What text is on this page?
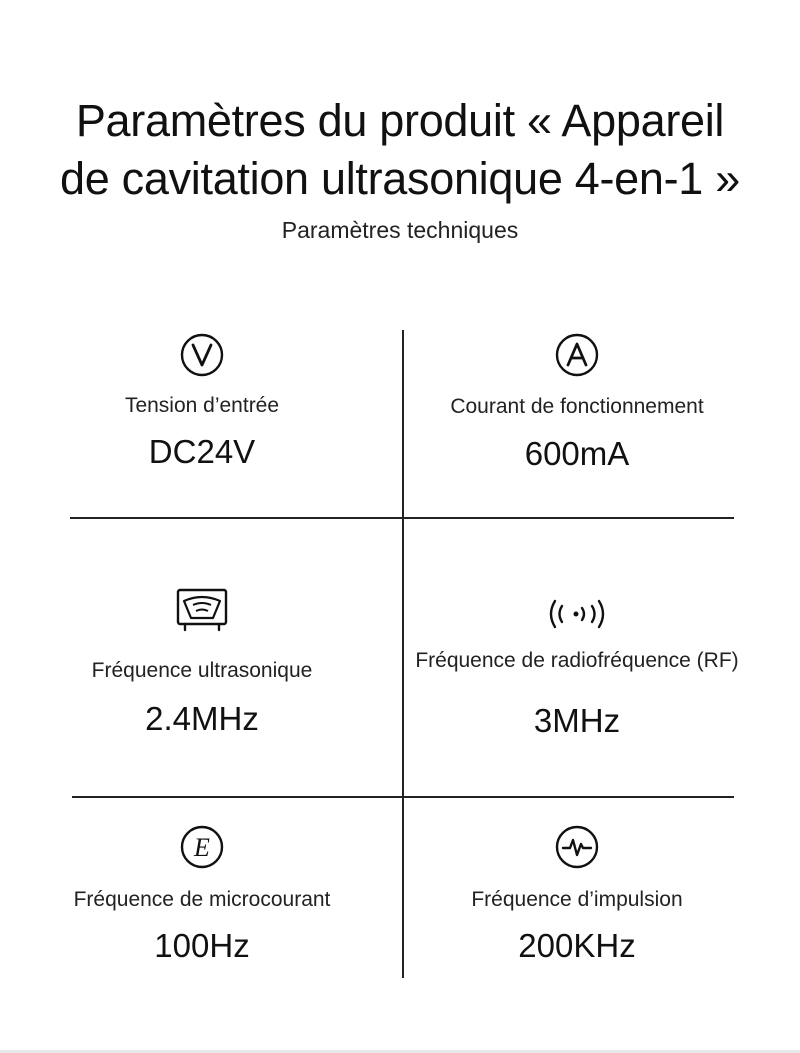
Paramètres du produit « Appareil
de cavitation ultrasonique 4-en-1 »
Paramètres techniques
Tension d’entrée
DC24V
Courant de fonctionnement
600mA
Fréquence ultrasonique
2.4MHz
Fréquence de radiofréquence (RF)
3MHz
E
Fréquence de microcourant
100Hz
Fréquence d’impulsion
200KHz
